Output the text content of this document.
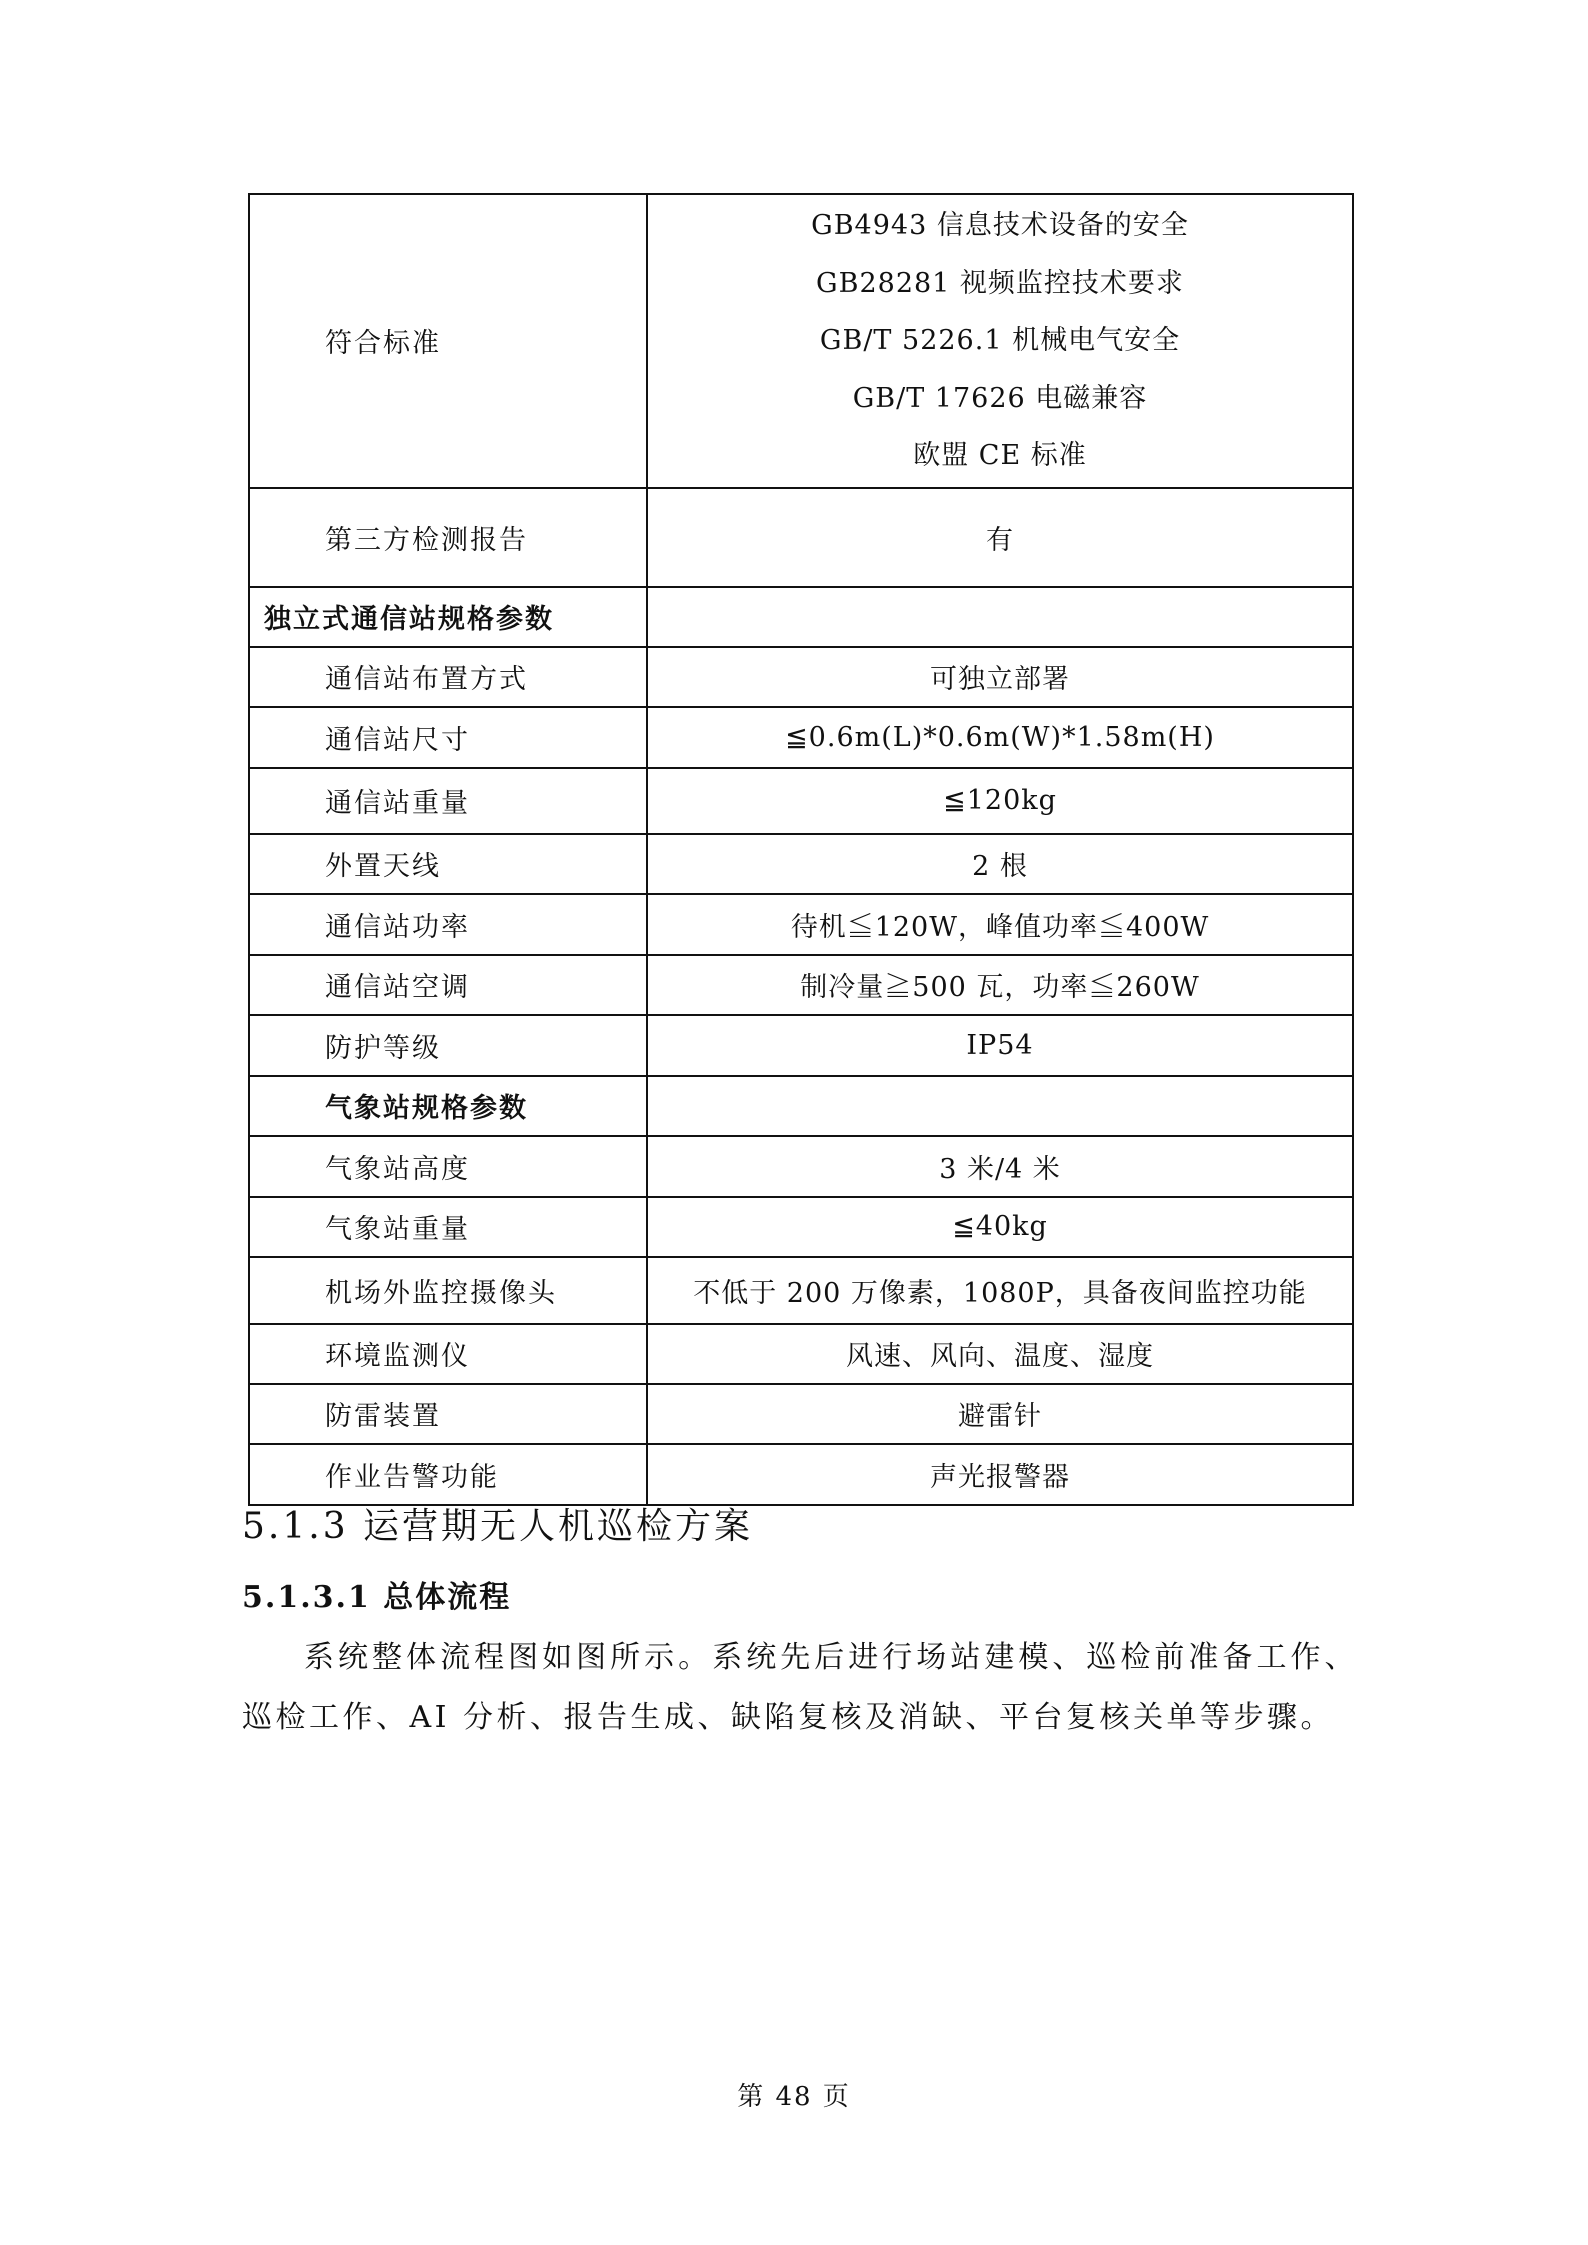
符合标准	GB4943 信息技术设备的安全
GB28281 视频监控技术要求
GB/T 5226.1 机械电气安全
GB/T 17626 电磁兼容
欧盟 CE 标准

第三方检测报告	有
独立式通信站规格参数	
通信站布置方式	可独立部署
通信站尺寸	≦0.6m(L)*0.6m(W)*1.58m(H)
通信站重量	≦120kg
外置天线	2 根
通信站功率	待机≦120W，峰值功率≦400W
通信站空调	制冷量≧500 瓦，功率≦260W
防护等级	IP54
气象站规格参数	
气象站高度	3 米/4 米
气象站重量	≦40kg
机场外监控摄像头	不低于 200 万像素，1080P，具备夜间监控功能
环境监测仪	风速、风向、温度、湿度
防雷装置	避雷针
作业告警功能	声光报警器
5.1.3 运营期无人机巡检方案
5.1.3.1 总体流程

系统整体流程图如图所示。系统先后进行场站建模、巡检前准备工作、巡检工作、AI 分析、报告生成、缺陷复核及消缺、平台复核关单等步骤。

第 48 页
